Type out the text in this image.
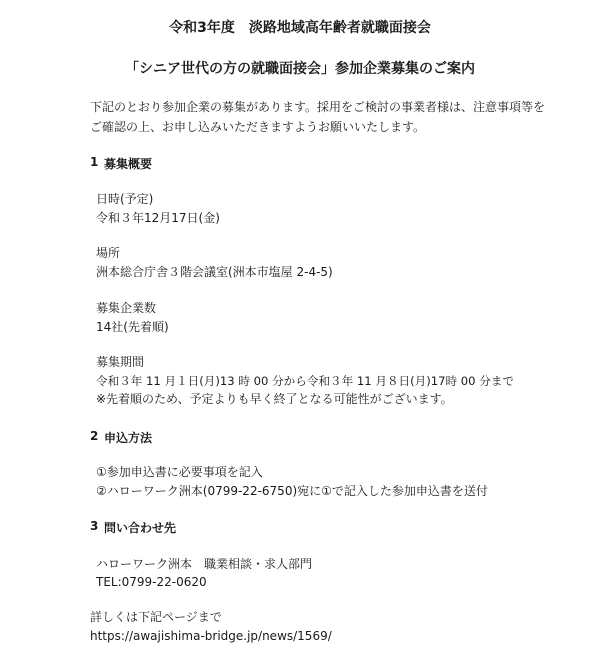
令和3年度　淡路地域高年齢者就職面接会
「シニア世代の方の就職面接会」参加企業募集のご案内
下記のとおり参加企業の募集があります。採用をご検討の事業者様は、注意事項等をご確認の上、お申し込みいただきますようお願いいたします。
1 募集概要
日時(予定)
令和３年12月17日(金)
場所
洲本総合庁舎３階会議室(洲本市塩屋 2-4-5)
募集企業数
14社(先着順)
募集期間
令和３年 11 月１日(月)13 時 00 分から令和３年 11 月８日(月)17時 00 分まで
※先着順のため、予定よりも早く終了となる可能性がございます。
2 申込方法
①参加申込書に必要事項を記入
②ハローワーク洲本(0799-22-6750)宛に①で記入した参加申込書を送付
3 問い合わせ先
ハローワーク洲本　職業相談・求人部門
TEL:0799-22-0620
詳しくは下記ページまで
https://awajishima-bridge.jp/news/1569/
